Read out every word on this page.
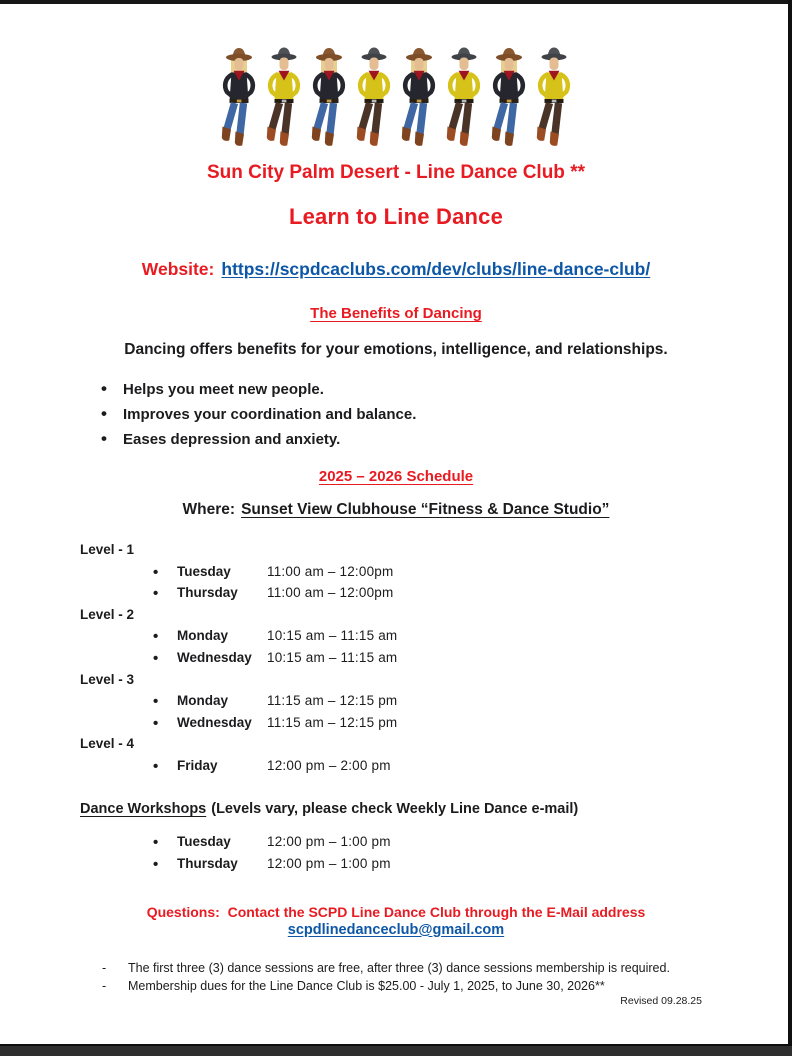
Sun City Palm Desert - Line Dance Club **
Learn to Line Dance

Website: https://scpdcaclubs.com/dev/clubs/line-dance-club/

The Benefits of Dancing

Dancing offers benefits for your emotions, intelligence, and relationships.

• Helps you meet new people.
• Improves your coordination and balance.
• Eases depression and anxiety.
2025 – 2026 Schedule

Where: Sunset View Clubhouse “Fitness & Dance Studio”

Level - 1
• Tuesday	11:00 am – 12:00pm
• Thursday 11:00 am – 12:00pm
Level - 2
• Monday	10:15 am – 11:15 am
• Wednesday 10:15 am – 11:15 am
Level - 3
• Monday	11:15 am – 12:15 pm
• Wednesday 11:15 am – 12:15 pm
Level - 4
• Friday	12:00 pm – 2:00 pm

Dance Workshops (Levels vary, please check Weekly Line Dance e-mail)

• Tuesday	12:00 pm – 1:00 pm
• Thursday 12:00 pm – 1:00 pm

Questions:  Contact the SCPD Line Dance Club through the E-Mail address

scpdlinedanceclub@gmail.com

- The first three (3) dance sessions are free, after three (3) dance sessions membership is required.
- Membership dues for the Line Dance Club is $25.00 - July 1, 2025, to June 30, 2026**
Revised 09.28.25
